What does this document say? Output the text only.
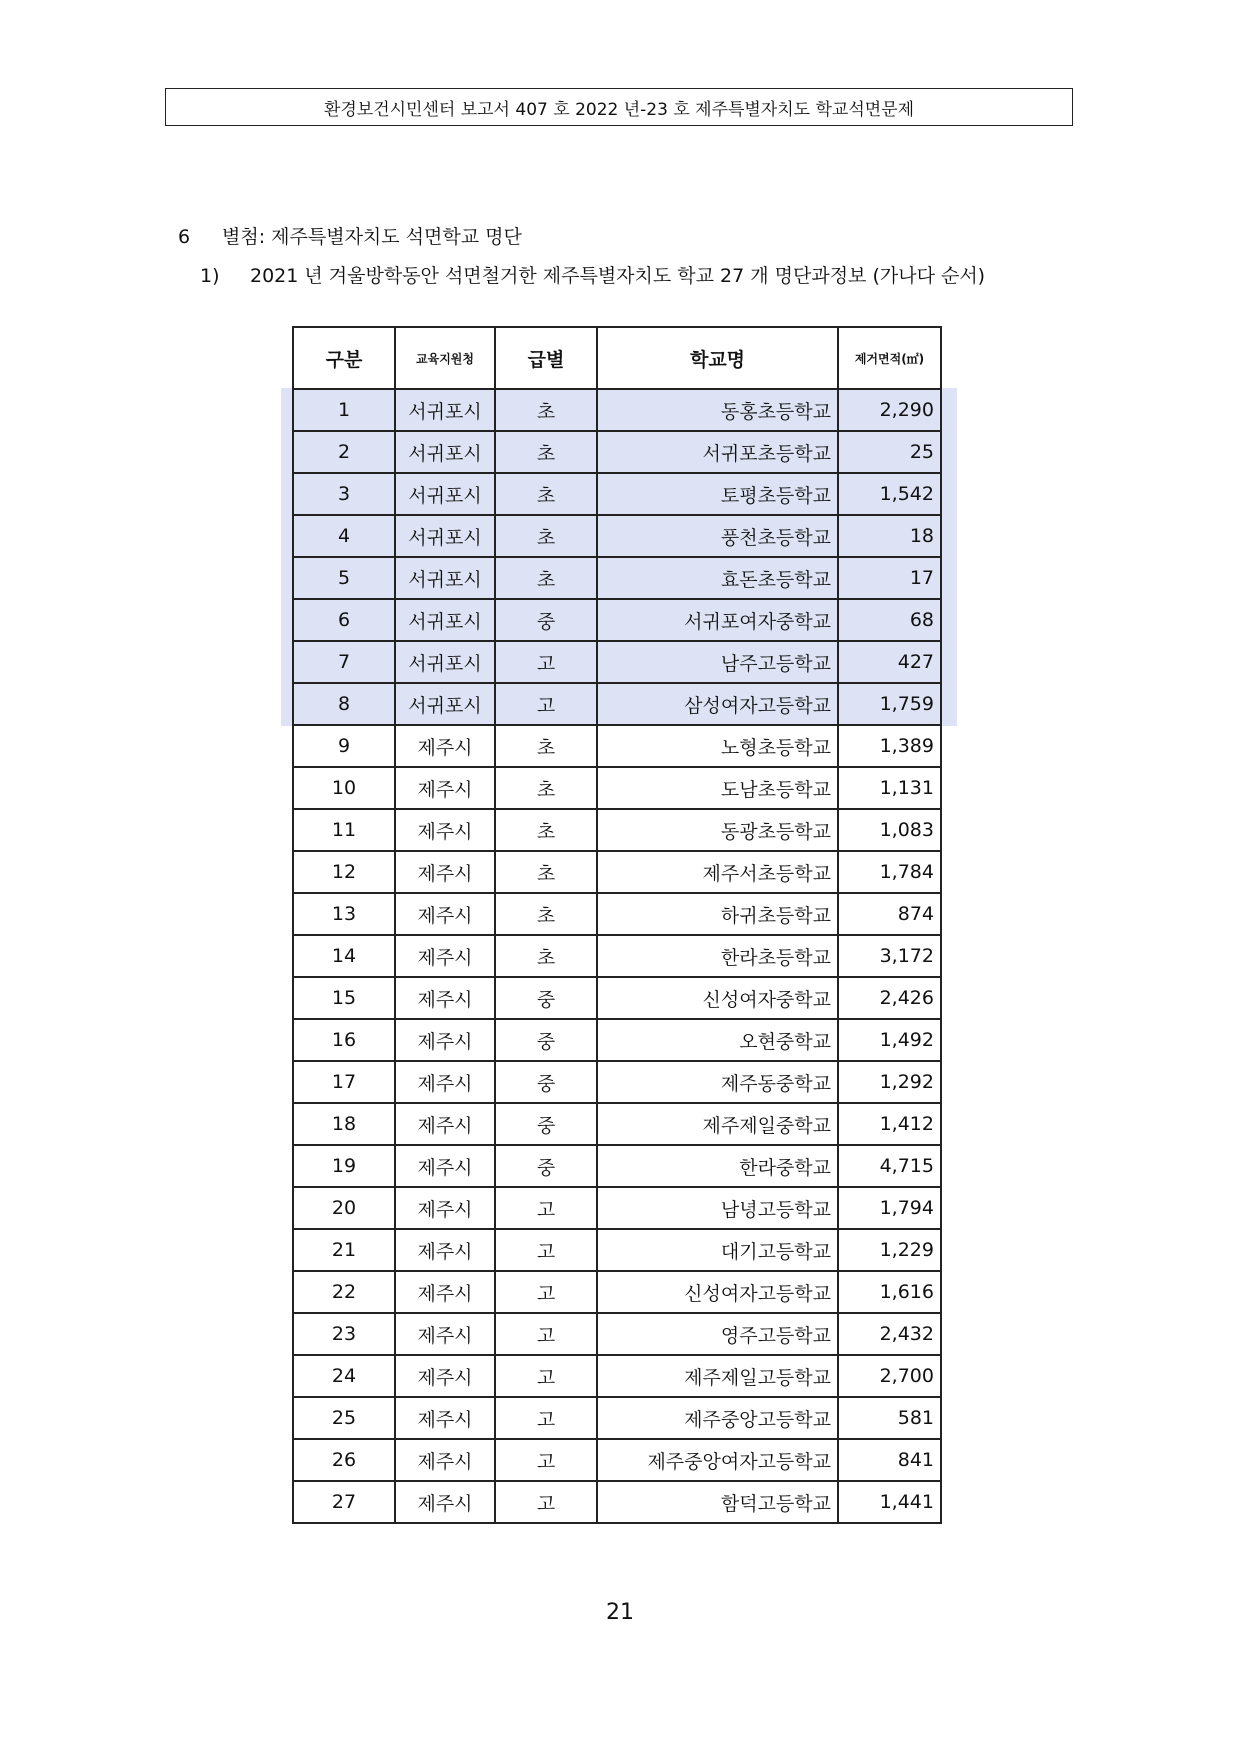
환경보건시민센터 보고서 407 호 2022 년-23 호 제주특별자치도 학교석면문제
6 별첨: 제주특별자치도 석면학교 명단
1) 2021 년 겨울방학동안 석면철거한 제주특별자치도 학교 27 개 명단과정보 (가나다 순서)
구분	교육지원청	급별	학교명	제거면적(㎡)
1	서귀포시	초	동홍초등학교	2,290
2	서귀포시	초	서귀포초등학교	25
3	서귀포시	초	토평초등학교	1,542
4	서귀포시	초	풍천초등학교	18
5	서귀포시	초	효돈초등학교	17
6	서귀포시	중	서귀포여자중학교	68
7	서귀포시	고	남주고등학교	427
8	서귀포시	고	삼성여자고등학교	1,759
9	제주시	초	노형초등학교	1,389
10	제주시	초	도남초등학교	1,131
11	제주시	초	동광초등학교	1,083
12	제주시	초	제주서초등학교	1,784
13	제주시	초	하귀초등학교	874
14	제주시	초	한라초등학교	3,172
15	제주시	중	신성여자중학교	2,426
16	제주시	중	오현중학교	1,492
17	제주시	중	제주동중학교	1,292
18	제주시	중	제주제일중학교	1,412
19	제주시	중	한라중학교	4,715
20	제주시	고	남녕고등학교	1,794
21	제주시	고	대기고등학교	1,229
22	제주시	고	신성여자고등학교	1,616
23	제주시	고	영주고등학교	2,432
24	제주시	고	제주제일고등학교	2,700
25	제주시	고	제주중앙고등학교	581
26	제주시	고	제주중앙여자고등학교	841
27	제주시	고	함덕고등학교	1,441
21
